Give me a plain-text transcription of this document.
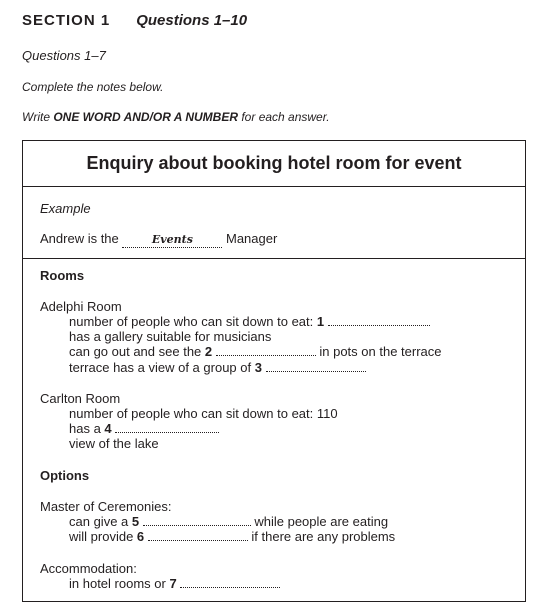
SECTION 1 Questions 1–10
Questions 1–7
Complete the notes below.
Write ONE WORD AND/OR A NUMBER for each answer.
Enquiry about booking hotel room for event
Example
Andrew is the	Events Manager
Rooms
Adelphi Room
number of people who can sit down to eat: 1
has a gallery suitable for musicians
can go out and see the 2	in pots on the terrace
terrace has a view of a group of 3
Carlton Room
number of people who can sit down to eat: 110
has a 4
view of the lake
Options
Master of Ceremonies:
can give a 5	while people are eating
will provide 6	if there are any problems
Accommodation:
in hotel rooms or 7
